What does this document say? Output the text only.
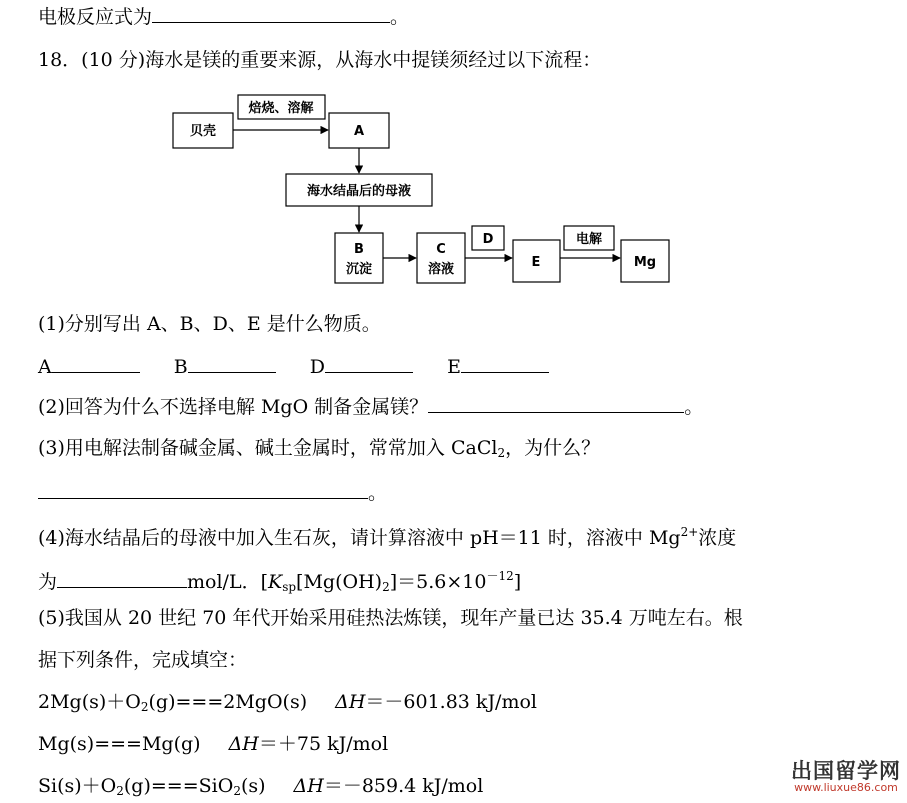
电极反应式为	。
18．(10 分)海水是镁的重要来源，从海水中提镁须经过以下流程：
贝壳
焙烧、溶解
A
海水结晶后的母液
B
沉淀
C
溶液
D
E
电解
Mg
(1)分别写出 A、B、D、E 是什么物质。
A	B	D	E
(2)回答为什么不选择电解 MgO 制备金属镁？	。
(3)用电解法制备碱金属、碱土金属时，常常加入 CaCl$_2$，为什么？
。
(4)海水结晶后的母液中加入生石灰，请计算溶液中 pH＝11 时，溶液中 $Mg^{2+}$浓度
为	mol/L．$[K_{sp}[Mg(OH)_2]=5.6\times 10^{-12}]$
(5)我国从 20 世纪 70 年代开始采用硅热法炼镁，现年产量已达 35.4 万吨左右。根
据下列条件，完成填空：
$2Mg(s)+O_2(g)===2MgO(s)$ ΔH＝－601.83 kJ/mol
Mg(s)===Mg(g) ΔH＝＋75 kJ/mol
$Si(s)+O_2(g)===SiO_2(s)$ ΔH＝－859.4 kJ/mol
出国留学网
www.liuxue86.com
